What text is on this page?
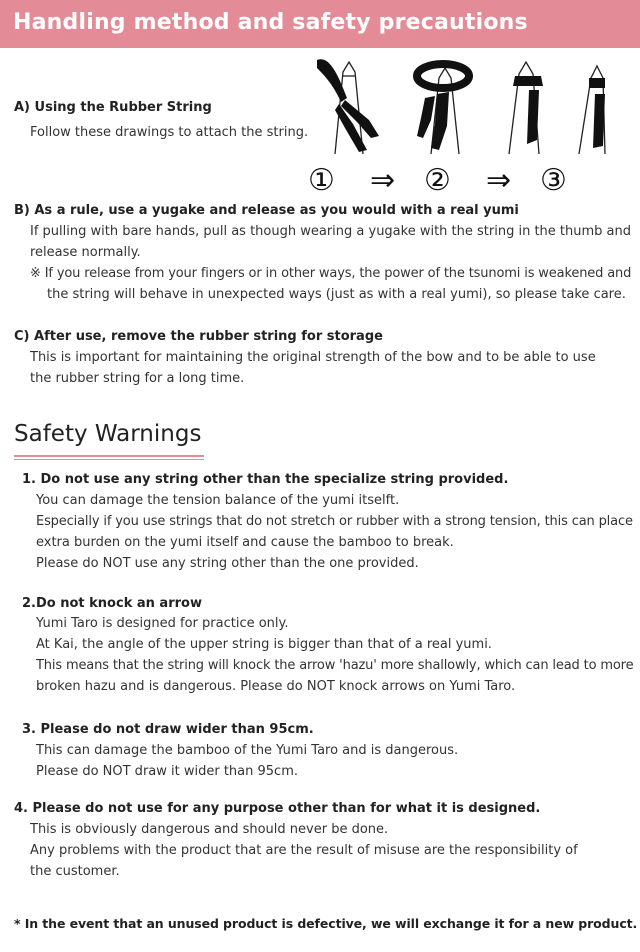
Handling method and safety precautions
A) Using the Rubber String
Follow these drawings to attach the string.
① ⇒ ② ⇒ ③
B) As a rule, use a yugake and release as you would with a real yumi
If pulling with bare hands, pull as though wearing a yugake with the string in the thumb and
release normally.
※ If you release from your fingers or in other ways, the power of the tsunomi is weakened and
the string will behave in unexpected ways (just as with a real yumi), so please take care.
C) After use, remove the rubber string for storage
This is important for maintaining the original strength of the bow and to be able to use
the rubber string for a long time.
Safety Warnings
1. Do not use any string other than the specialize string provided.
You can damage the tension balance of the yumi itselft.
Especially if you use strings that do not stretch or rubber with a strong tension, this can place
extra burden on the yumi itself and cause the bamboo to break.
Please do NOT use any string other than the one provided.
2.Do not knock an arrow
Yumi Taro is designed for practice only.
At Kai, the angle of the upper string is bigger than that of a real yumi.
This means that the string will knock the arrow 'hazu' more shallowly, which can lead to more
broken hazu and is dangerous. Please do NOT knock arrows on Yumi Taro.
3. Please do not draw wider than 95cm.
This can damage the bamboo of the Yumi Taro and is dangerous.
Please do NOT draw it wider than 95cm.
4. Please do not use for any purpose other than for what it is designed.
This is obviously dangerous and should never be done.
Any problems with the product that are the result of misuse are the responsibility of
the customer.
* In the event that an unused product is defective, we will exchange it for a new product.
